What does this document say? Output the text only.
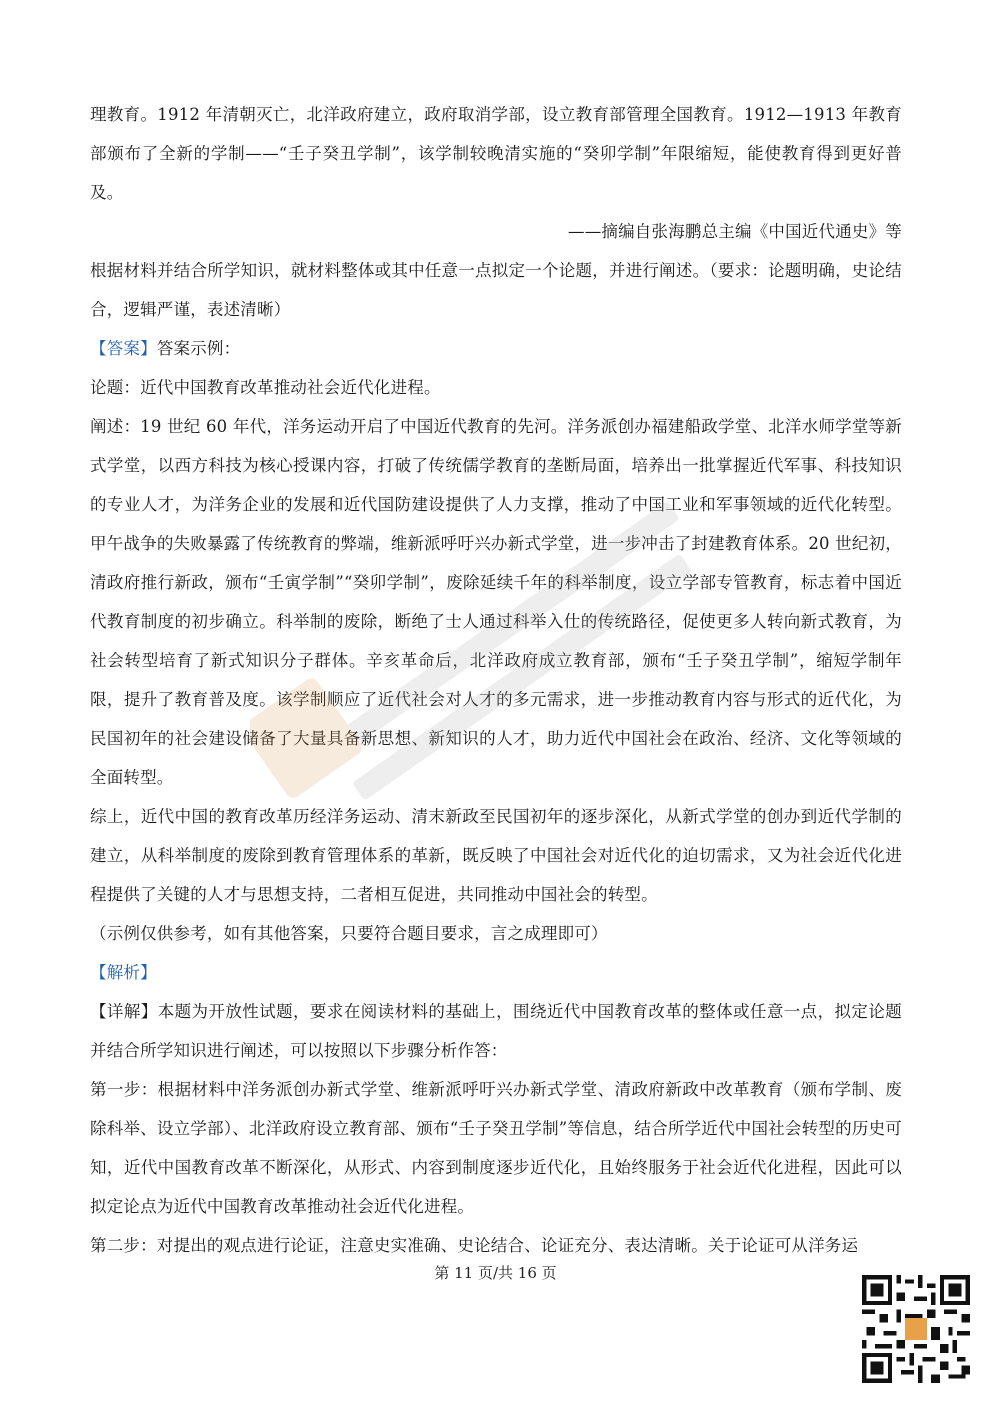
理教育。1912 年清朝灭亡，北洋政府建立，政府取消学部，设立教育部管理全国教育。1912—1913 年教育部颁布了全新的学制——“壬子癸丑学制”，该学制较晚清实施的“癸卯学制”年限缩短，能使教育得到更好普及。

——摘编自张海鹏总主编《中国近代通史》等

根据材料并结合所学知识，就材料整体或其中任意一点拟定一个论题，并进行阐述。（要求：论题明确，史论结合，逻辑严谨，表述清晰）

【答案】答案示例：

论题：近代中国教育改革推动社会近代化进程。

阐述：19 世纪 60 年代，洋务运动开启了中国近代教育的先河。洋务派创办福建船政学堂、北洋水师学堂等新式学堂，以西方科技为核心授课内容，打破了传统儒学教育的垄断局面，培养出一批掌握近代军事、科技知识的专业人才，为洋务企业的发展和近代国防建设提供了人力支撑，推动了中国工业和军事领域的近代化转型。甲午战争的失败暴露了传统教育的弊端，维新派呼吁兴办新式学堂，进一步冲击了封建教育体系。20 世纪初，清政府推行新政，颁布“壬寅学制”“癸卯学制”，废除延续千年的科举制度，设立学部专管教育，标志着中国近代教育制度的初步确立。科举制的废除，断绝了士人通过科举入仕的传统路径，促使更多人转向新式教育，为社会转型培育了新式知识分子群体。辛亥革命后，北洋政府成立教育部，颁布“壬子癸丑学制”，缩短学制年限，提升了教育普及度。该学制顺应了近代社会对人才的多元需求，进一步推动教育内容与形式的近代化，为民国初年的社会建设储备了大量具备新思想、新知识的人才，助力近代中国社会在政治、经济、文化等领域的全面转型。

综上，近代中国的教育改革历经洋务运动、清末新政至民国初年的逐步深化，从新式学堂的创办到近代学制的建立，从科举制度的废除到教育管理体系的革新，既反映了中国社会对近代化的迫切需求，又为社会近代化进程提供了关键的人才与思想支持，二者相互促进，共同推动中国社会的转型。

（示例仅供参考，如有其他答案，只要符合题目要求，言之成理即可）

【解析】

【详解】本题为开放性试题，要求在阅读材料的基础上，围绕近代中国教育改革的整体或任意一点，拟定论题并结合所学知识进行阐述，可以按照以下步骤分析作答：

第一步：根据材料中洋务派创办新式学堂、维新派呼吁兴办新式学堂、清政府新政中改革教育（颁布学制、废除科举、设立学部）、北洋政府设立教育部、颁布“壬子癸丑学制”等信息，结合所学近代中国社会转型的历史可知，近代中国教育改革不断深化，从形式、内容到制度逐步近代化，且始终服务于社会近代化进程，因此可以拟定论点为近代中国教育改革推动社会近代化进程。

第二步：对提出的观点进行论证，注意史实准确、史论结合、论证充分、表达清晰。关于论证可从洋务运

第 11 页/共 16 页
